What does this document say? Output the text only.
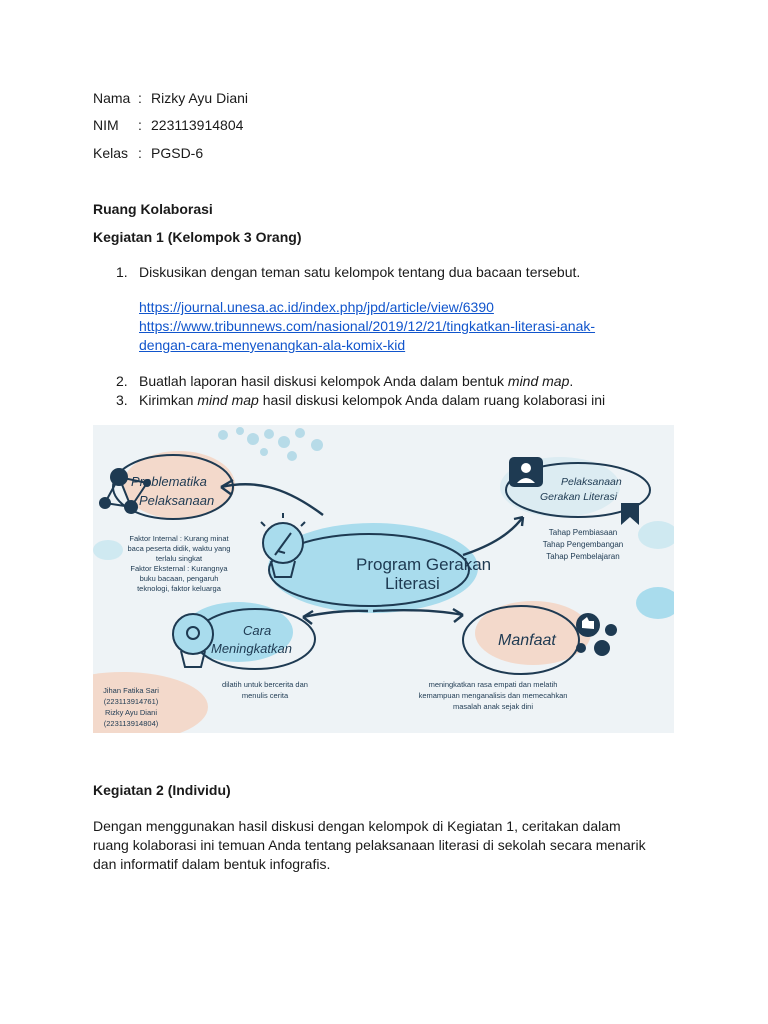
Nama : Rizky Ayu Diani
NIM : 223113914804
Kelas : PGSD-6
Ruang Kolaborasi
Kegiatan 1 (Kelompok 3 Orang)
1. Diskusikan dengan teman satu kelompok tentang dua bacaan tersebut.
https://journal.unesa.ac.id/index.php/jpd/article/view/6390
https://www.tribunnews.com/nasional/2019/12/21/tingkatkan-literasi-anak-
dengan-cara-menyenangkan-ala-komix-kid
2. Buatlah laporan hasil diskusi kelompok Anda dalam bentuk mind map.
3. Kirimkan mind map hasil diskusi kelompok Anda dalam ruang kolaborasi ini
Program Gerakan
Literasi
Problematika
Pelaksanaan
Faktor Internal : Kurang minat
baca peserta didik, waktu yang
terlalu singkat
Faktor Eksternal : Kurangnya
buku bacaan, pengaruh
teknologi, faktor keluarga
Pelaksanaan
Gerakan Literasi
Tahap Pembiasaan
Tahap Pengembangan
Tahap Pembelajaran
Cara
Meningkatkan
dilatih untuk bercerita dan
menulis cerita
Manfaat
meningkatkan rasa empati dan melatih
kemampuan menganalisis dan memecahkan
masalah anak sejak dini
Jihan Fatika Sari
(223113914761)
Rizky Ayu Diani
(223113914804)
Kegiatan 2 (Individu)
Dengan menggunakan hasil diskusi dengan kelompok di Kegiatan 1, ceritakan dalam
ruang kolaborasi ini temuan Anda tentang pelaksanaan literasi di sekolah secara menarik
dan informatif dalam bentuk infografis.
